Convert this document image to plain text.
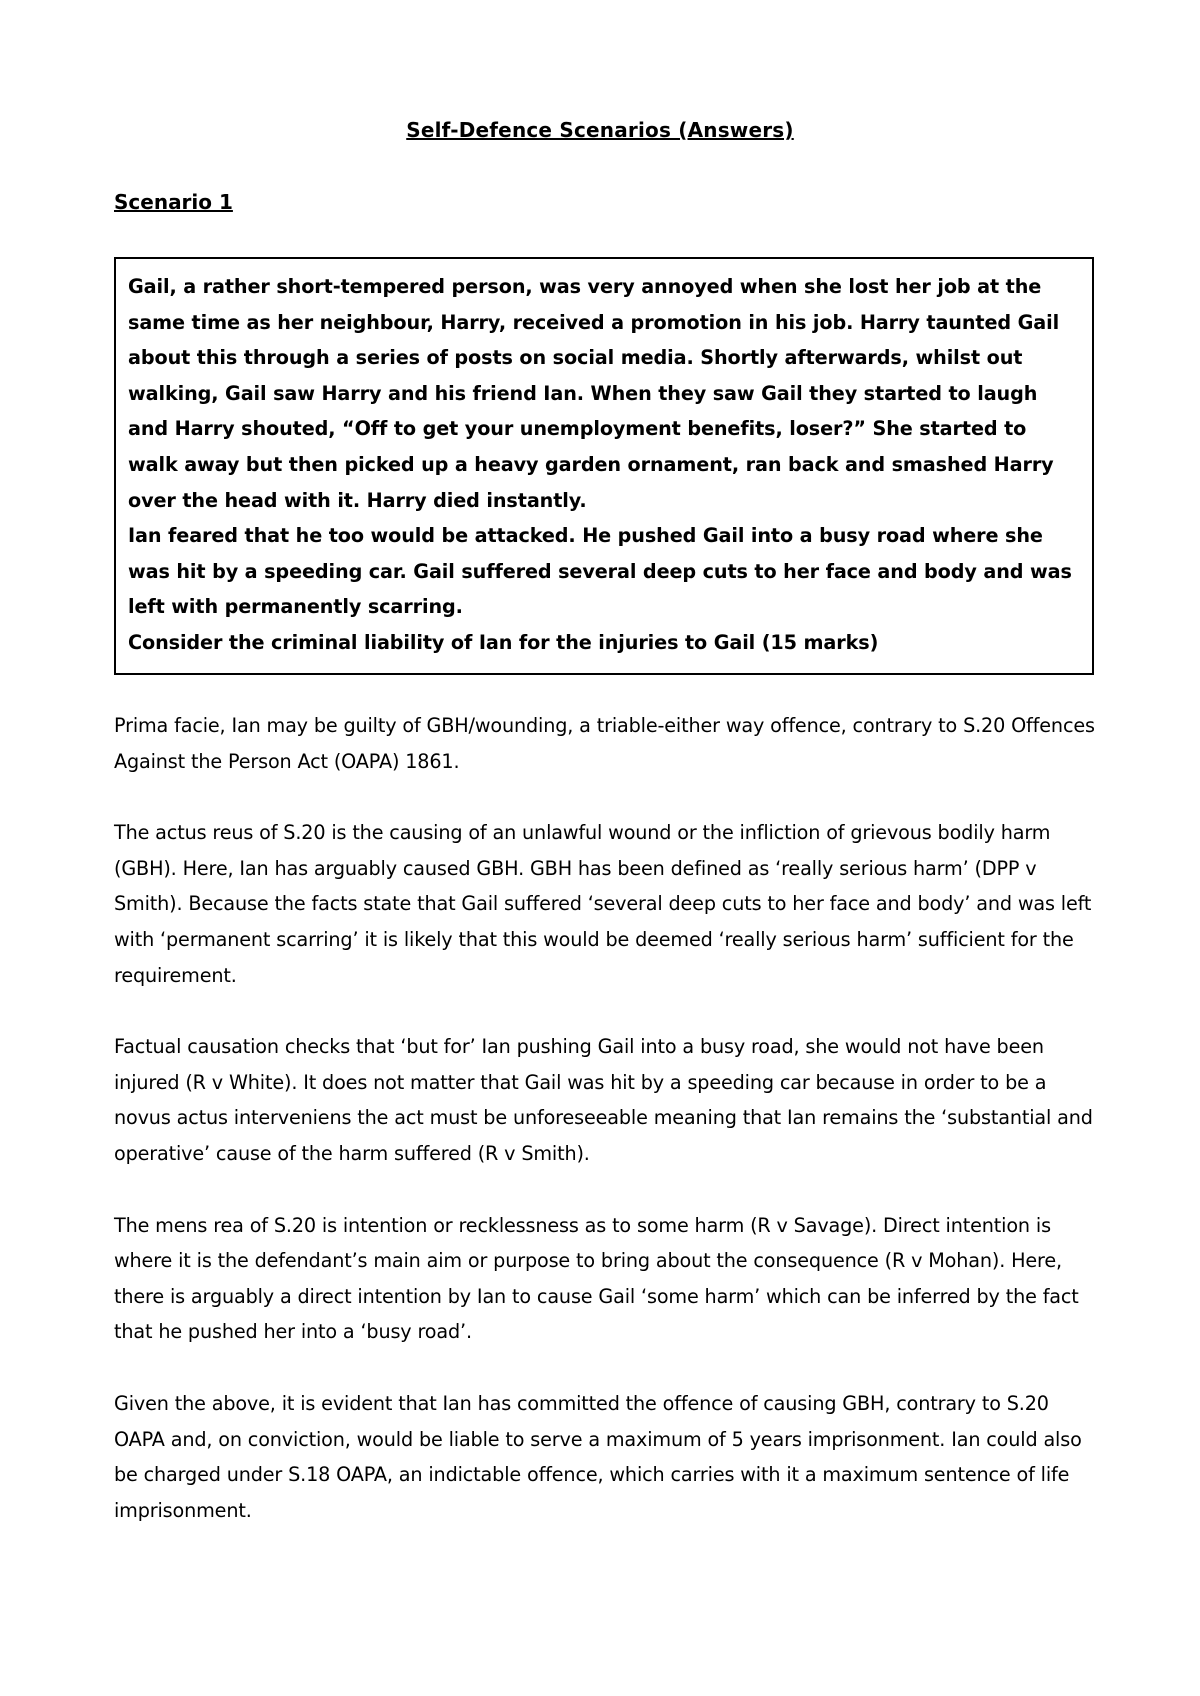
Self-Defence Scenarios (Answers)
Scenario 1

Gail, a rather short-tempered person, was very annoyed when she lost her job at the same time as her neighbour, Harry, received a promotion in his job. Harry taunted Gail about this through a series of posts on social media. Shortly afterwards, whilst out walking, Gail saw Harry and his friend Ian. When they saw Gail they started to laugh and Harry shouted, “Off to get your unemployment benefits, loser?” She started to walk away but then picked up a heavy garden ornament, ran back and smashed Harry over the head with it. Harry died instantly.

Ian feared that he too would be attacked. He pushed Gail into a busy road where she was hit by a speeding car. Gail suffered several deep cuts to her face and body and was left with permanently scarring.

Consider the criminal liability of Ian for the injuries to Gail (15 marks)

Prima facie, Ian may be guilty of GBH/wounding, a triable-either way offence, contrary to S.20 Offences Against the Person Act (OAPA) 1861.

The actus reus of S.20 is the causing of an unlawful wound or the infliction of grievous bodily harm (GBH). Here, Ian has arguably caused GBH. GBH has been defined as ‘really serious harm’ (DPP v Smith). Because the facts state that Gail suffered ‘several deep cuts to her face and body’ and was left with ‘permanent scarring’ it is likely that this would be deemed ‘really serious harm’ sufficient for the requirement.

Factual causation checks that ‘but for’ Ian pushing Gail into a busy road, she would not have been injured (R v White). It does not matter that Gail was hit by a speeding car because in order to be a novus actus interveniens the act must be unforeseeable meaning that Ian remains the ‘substantial and operative’ cause of the harm suffered (R v Smith).

The mens rea of S.20 is intention or recklessness as to some harm (R v Savage). Direct intention is where it is the defendant’s main aim or purpose to bring about the consequence (R v Mohan). Here, there is arguably a direct intention by Ian to cause Gail ‘some harm’ which can be inferred by the fact that he pushed her into a ‘busy road’.

Given the above, it is evident that Ian has committed the offence of causing GBH, contrary to S.20 OAPA and, on conviction, would be liable to serve a maximum of 5 years imprisonment. Ian could also be charged under S.18 OAPA, an indictable offence, which carries with it a maximum sentence of life imprisonment.
